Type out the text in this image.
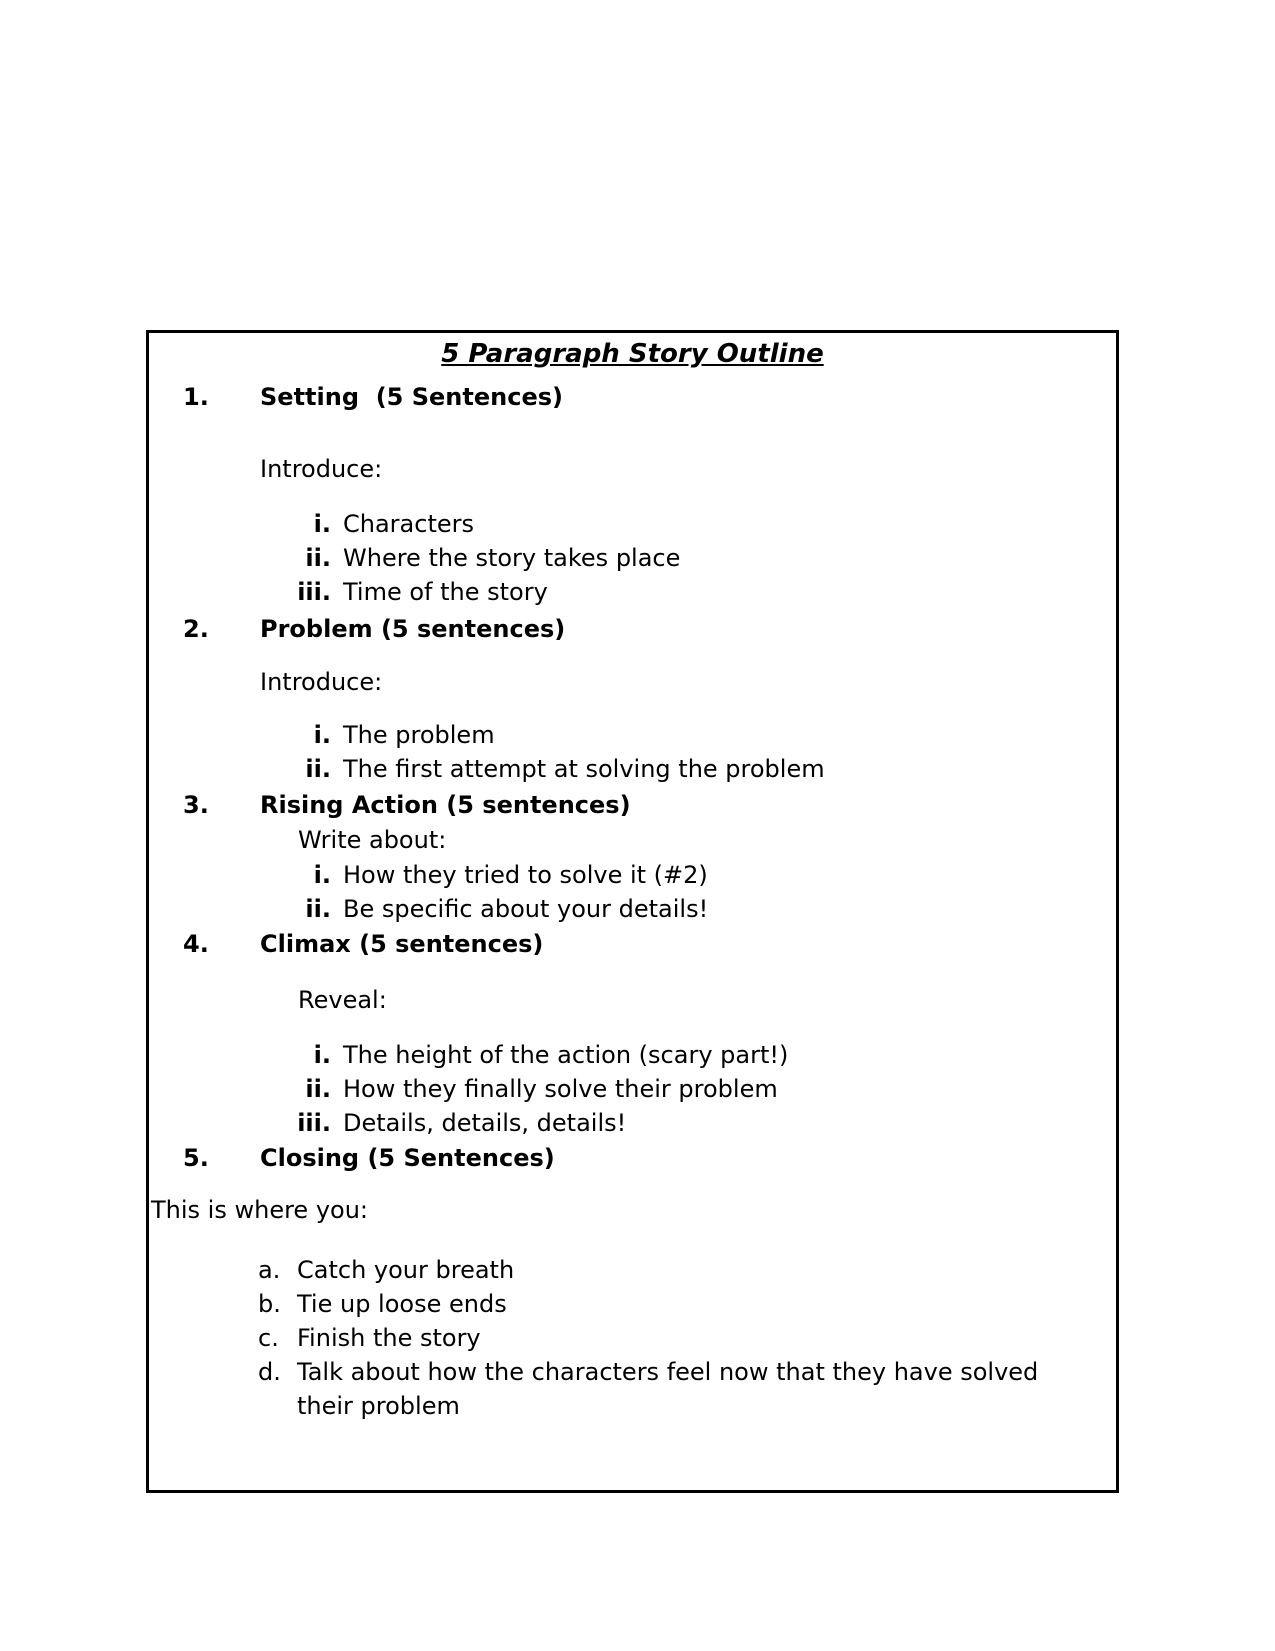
5 Paragraph Story Outline
1.	Setting  (5 Sentences)
Introduce:
i. Characters
ii. Where the story takes place
iii. Time of the story
2.	Problem (5 sentences)
Introduce:
i. The problem
ii. The first attempt at solving the problem
3.	Rising Action (5 sentences)
Write about:
i. How they tried to solve it (#2)
ii. Be specific about your details!
4.	Climax (5 sentences)
Reveal:
i. The height of the action (scary part!)
ii. How they finally solve their problem
iii. Details, details, details!
5.	Closing (5 Sentences)
This is where you:
a. Catch your breath
b. Tie up loose ends
c. Finish the story
d. Talk about how the characters feel now that they have solved their problem
